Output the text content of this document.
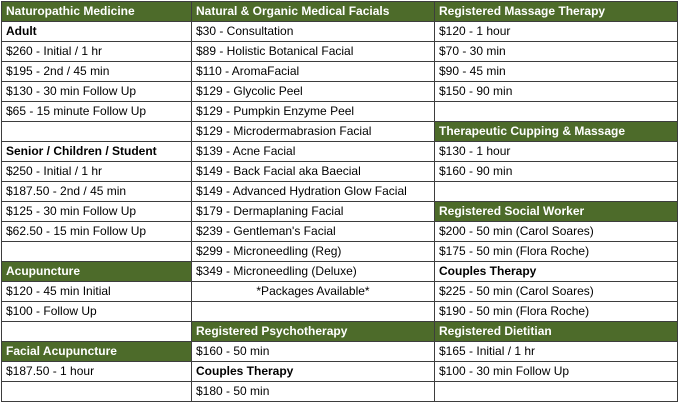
Naturopathic Medicine	Natural & Organic Medical Facials	Registered Massage Therapy
Adult	$30 - Consultation	$120 - 1 hour
$260 - Initial / 1 hr	$89 - Holistic Botanical Facial	$70 - 30 min
$195 - 2nd / 45 min	$110 - AromaFacial	$90 - 45 min
$130 - 30 min Follow Up	$129 - Glycolic Peel	$150 - 90 min
$65 - 15 minute Follow Up	$129 - Pumpkin Enzyme Peel	
	$129 - Microdermabrasion Facial	Therapeutic Cupping & Massage
Senior / Children / Student	$139 - Acne Facial	$130 - 1 hour
$250 - Initial / 1 hr	$149 - Back Facial aka Baecial	$160 - 90 min
$187.50 - 2nd / 45 min	$149 - Advanced Hydration Glow Facial	
$125 - 30 min Follow Up	$179 - Dermaplaning Facial	Registered Social Worker
$62.50 - 15 min Follow Up	$239 - Gentleman's Facial	$200 - 50 min (Carol Soares)
	$299 - Microneedling (Reg)	$175 - 50 min (Flora Roche)
Acupuncture	$349 - Microneedling (Deluxe)	Couples Therapy
$120 - 45 min Initial	*Packages Available*	$225 - 50 min (Carol Soares)
$100 - Follow Up		$190 - 50 min (Flora Roche)
	Registered Psychotherapy	Registered Dietitian
Facial Acupuncture	$160 - 50 min	$165 - Initial / 1 hr
$187.50 - 1 hour	Couples Therapy	$100 - 30 min Follow Up
	$180 - 50 min	
